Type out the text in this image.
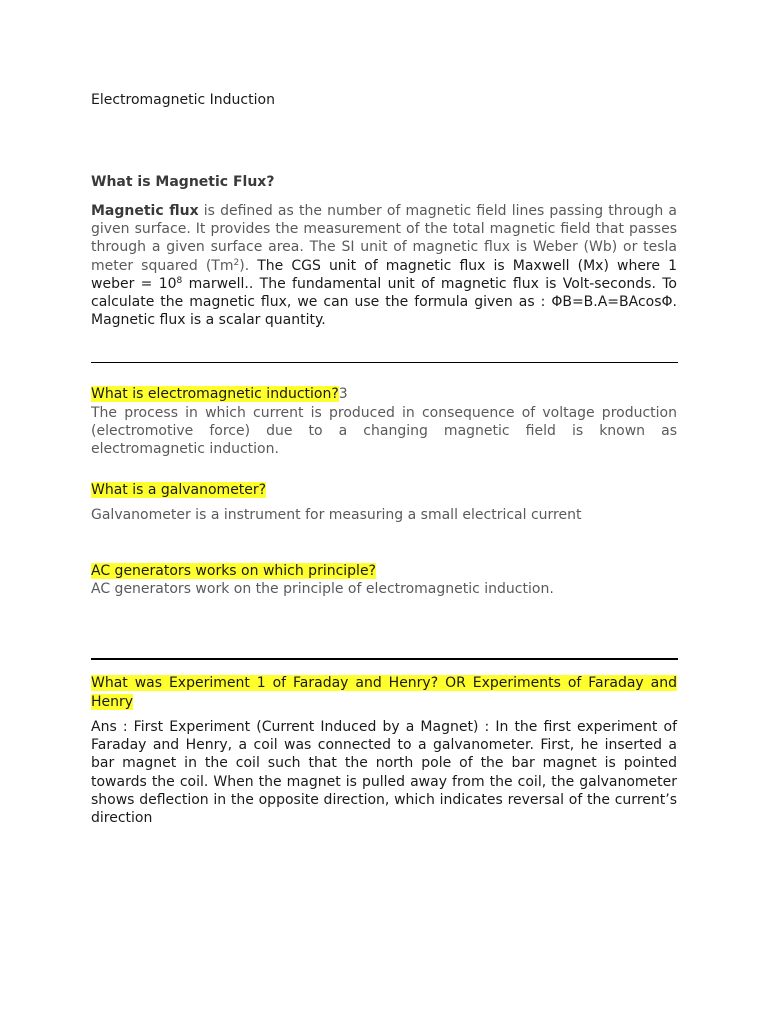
Electromagnetic Induction
What is Magnetic Flux?
Magnetic flux is defined as the number of magnetic field lines passing through a given surface. It provides the measurement of the total magnetic field that passes through a given surface area. The SI unit of magnetic flux is Weber (Wb) or tesla meter squared (Tm$^2$). The CGS unit of magnetic flux is Maxwell (Mx) where 1 weber = $10^8$ marwell.. The fundamental unit of magnetic flux is Volt-seconds. To calculate the magnetic flux, we can use the formula given as : ΦB=B.A=BAcosΦ. Magnetic flux is a scalar quantity.
What is electromagnetic induction?3
The process in which current is produced in consequence of voltage production (electromotive force) due to a changing magnetic field is known as electromagnetic induction.
What is a galvanometer?
Galvanometer is a instrument for measuring a small electrical current
AC generators works on which principle?
AC generators work on the principle of electromagnetic induction.
What was Experiment 1 of Faraday and Henry? OR Experiments of Faraday and Henry
Ans : First Experiment (Current Induced by a Magnet) : In the first experiment of Faraday and Henry, a coil was connected to a galvanometer. First, he inserted a bar magnet in the coil such that the north pole of the bar magnet is pointed towards the coil. When the magnet is pulled away from the coil, the galvanometer shows deflection in the opposite direction, which indicates reversal of the current’s direction
